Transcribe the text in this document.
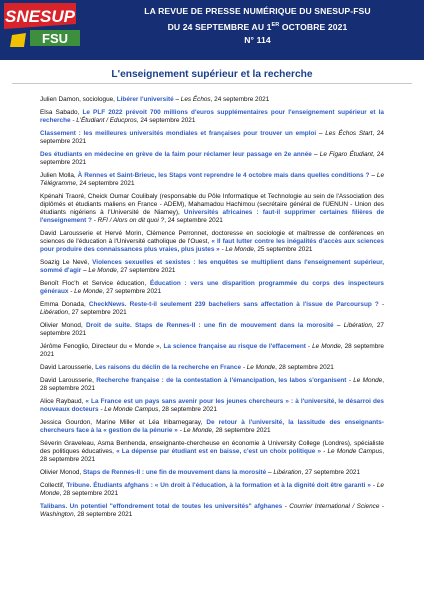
SNESUP
FSU
LA REVUE DE PRESSE NUMÉRIQUE DU SNESUP-FSU
DU 24 SEPTEMBRE AU 1ER OCTOBRE 2021
N° 114
L'enseignement supérieur et la recherche

Julien Damon, sociologue, Libérer l'université – Les Échos, 24 septembre 2021

Elsa Sabado, Le PLF 2022 prévoit 700 millions d'euros supplémentaires pour l'enseignement supérieur et la recherche - L'Étudiant / Educpros, 24 septembre 2021

Classement : les meilleures universités mondiales et françaises pour trouver un emploi – Les Échos Start, 24 septembre 2021

Des étudiants en médecine en grève de la faim pour réclamer leur passage en 2e année – Le Figaro Étudiant, 24 septembre 2021

Julien Molla, À Rennes et Saint-Brieuc, les Staps vont reprendre le 4 octobre mais dans quelles conditions ? – Le Télégramme, 24 septembre 2021

Kpénahi Traoré, Cheick Oumar Coulibaly (responsable du Pôle Informatique et Technologie au sein de l'Association des diplômés et étudiants maliens en France - ADEM), Mahamadou Hachimou (secrétaire général de l'UENUN - Union des étudiants nigériens à l'Université de Niamey), Universités africaines : faut-il supprimer certaines filières de l'enseignement ? - RFI / Alors on dit quoi ?, 24 septembre 2021

David Larousserie et Hervé Morin, Clémence Perronnet, doctoresse en sociologie et maîtresse de conférences en sciences de l'éducation à l'Université catholique de l'Ouest, « Il faut lutter contre les inégalités d'accès aux sciences pour produire des connaissances plus vraies, plus justes » - Le Monde, 25 septembre 2021

Soazig Le Nevé, Violences sexuelles et sexistes : les enquêtes se multiplient dans l'enseignement supérieur, sommé d'agir – Le Monde, 27 septembre 2021

Benoît Floc'h et Service éducation, Éducation : vers une disparition programmée du corps des inspecteurs généraux - Le Monde, 27 septembre 2021

Emma Donada, CheckNews. Reste-t-il seulement 239 bacheliers sans affectation à l'issue de Parcoursup ? - Libération, 27 septembre 2021

Olivier Monod, Droit de suite. Staps de Rennes-II : une fin de mouvement dans la morosité – Libération, 27 septembre 2021

Jérôme Fenoglio, Directeur du « Monde », La science française au risque de l'effacement - Le Monde, 28 septembre 2021

David Larousserie, Les raisons du déclin de la recherche en France - Le Monde, 28 septembre 2021

David Larousserie, Recherche française : de la contestation à l'émancipation, les labos s'organisent - Le Monde, 28 septembre 2021

Alice Raybaud, « La France est un pays sans avenir pour les jeunes chercheurs » : à l'université, le désarroi des nouveaux docteurs - Le Monde Campus, 28 septembre 2021

Jessica Gourdon, Marine Miller et Léa Iribarnegaray, De retour à l'université, la lassitude des enseignants-chercheurs face à la « gestion de la pénurie » - Le Monde, 28 septembre 2021

Séverin Graveleau, Asma Benhenda, enseignante-chercheuse en économie à University College (Londres), spécialiste des politiques éducatives, « La dépense par étudiant est en baisse, c'est un choix politique » - Le Monde Campus, 28 septembre 2021

Olivier Monod, Staps de Rennes-II : une fin de mouvement dans la morosité – Libération, 27 septembre 2021

Collectif, Tribune. Étudiants afghans : « Un droit à l'éducation, à la formation et à la dignité doit être garanti » - Le Monde, 28 septembre 2021

Talibans. Un potentiel "effondrement total de toutes les universités" afghanes - Courrier International / Science - Washington, 28 septembre 2021
